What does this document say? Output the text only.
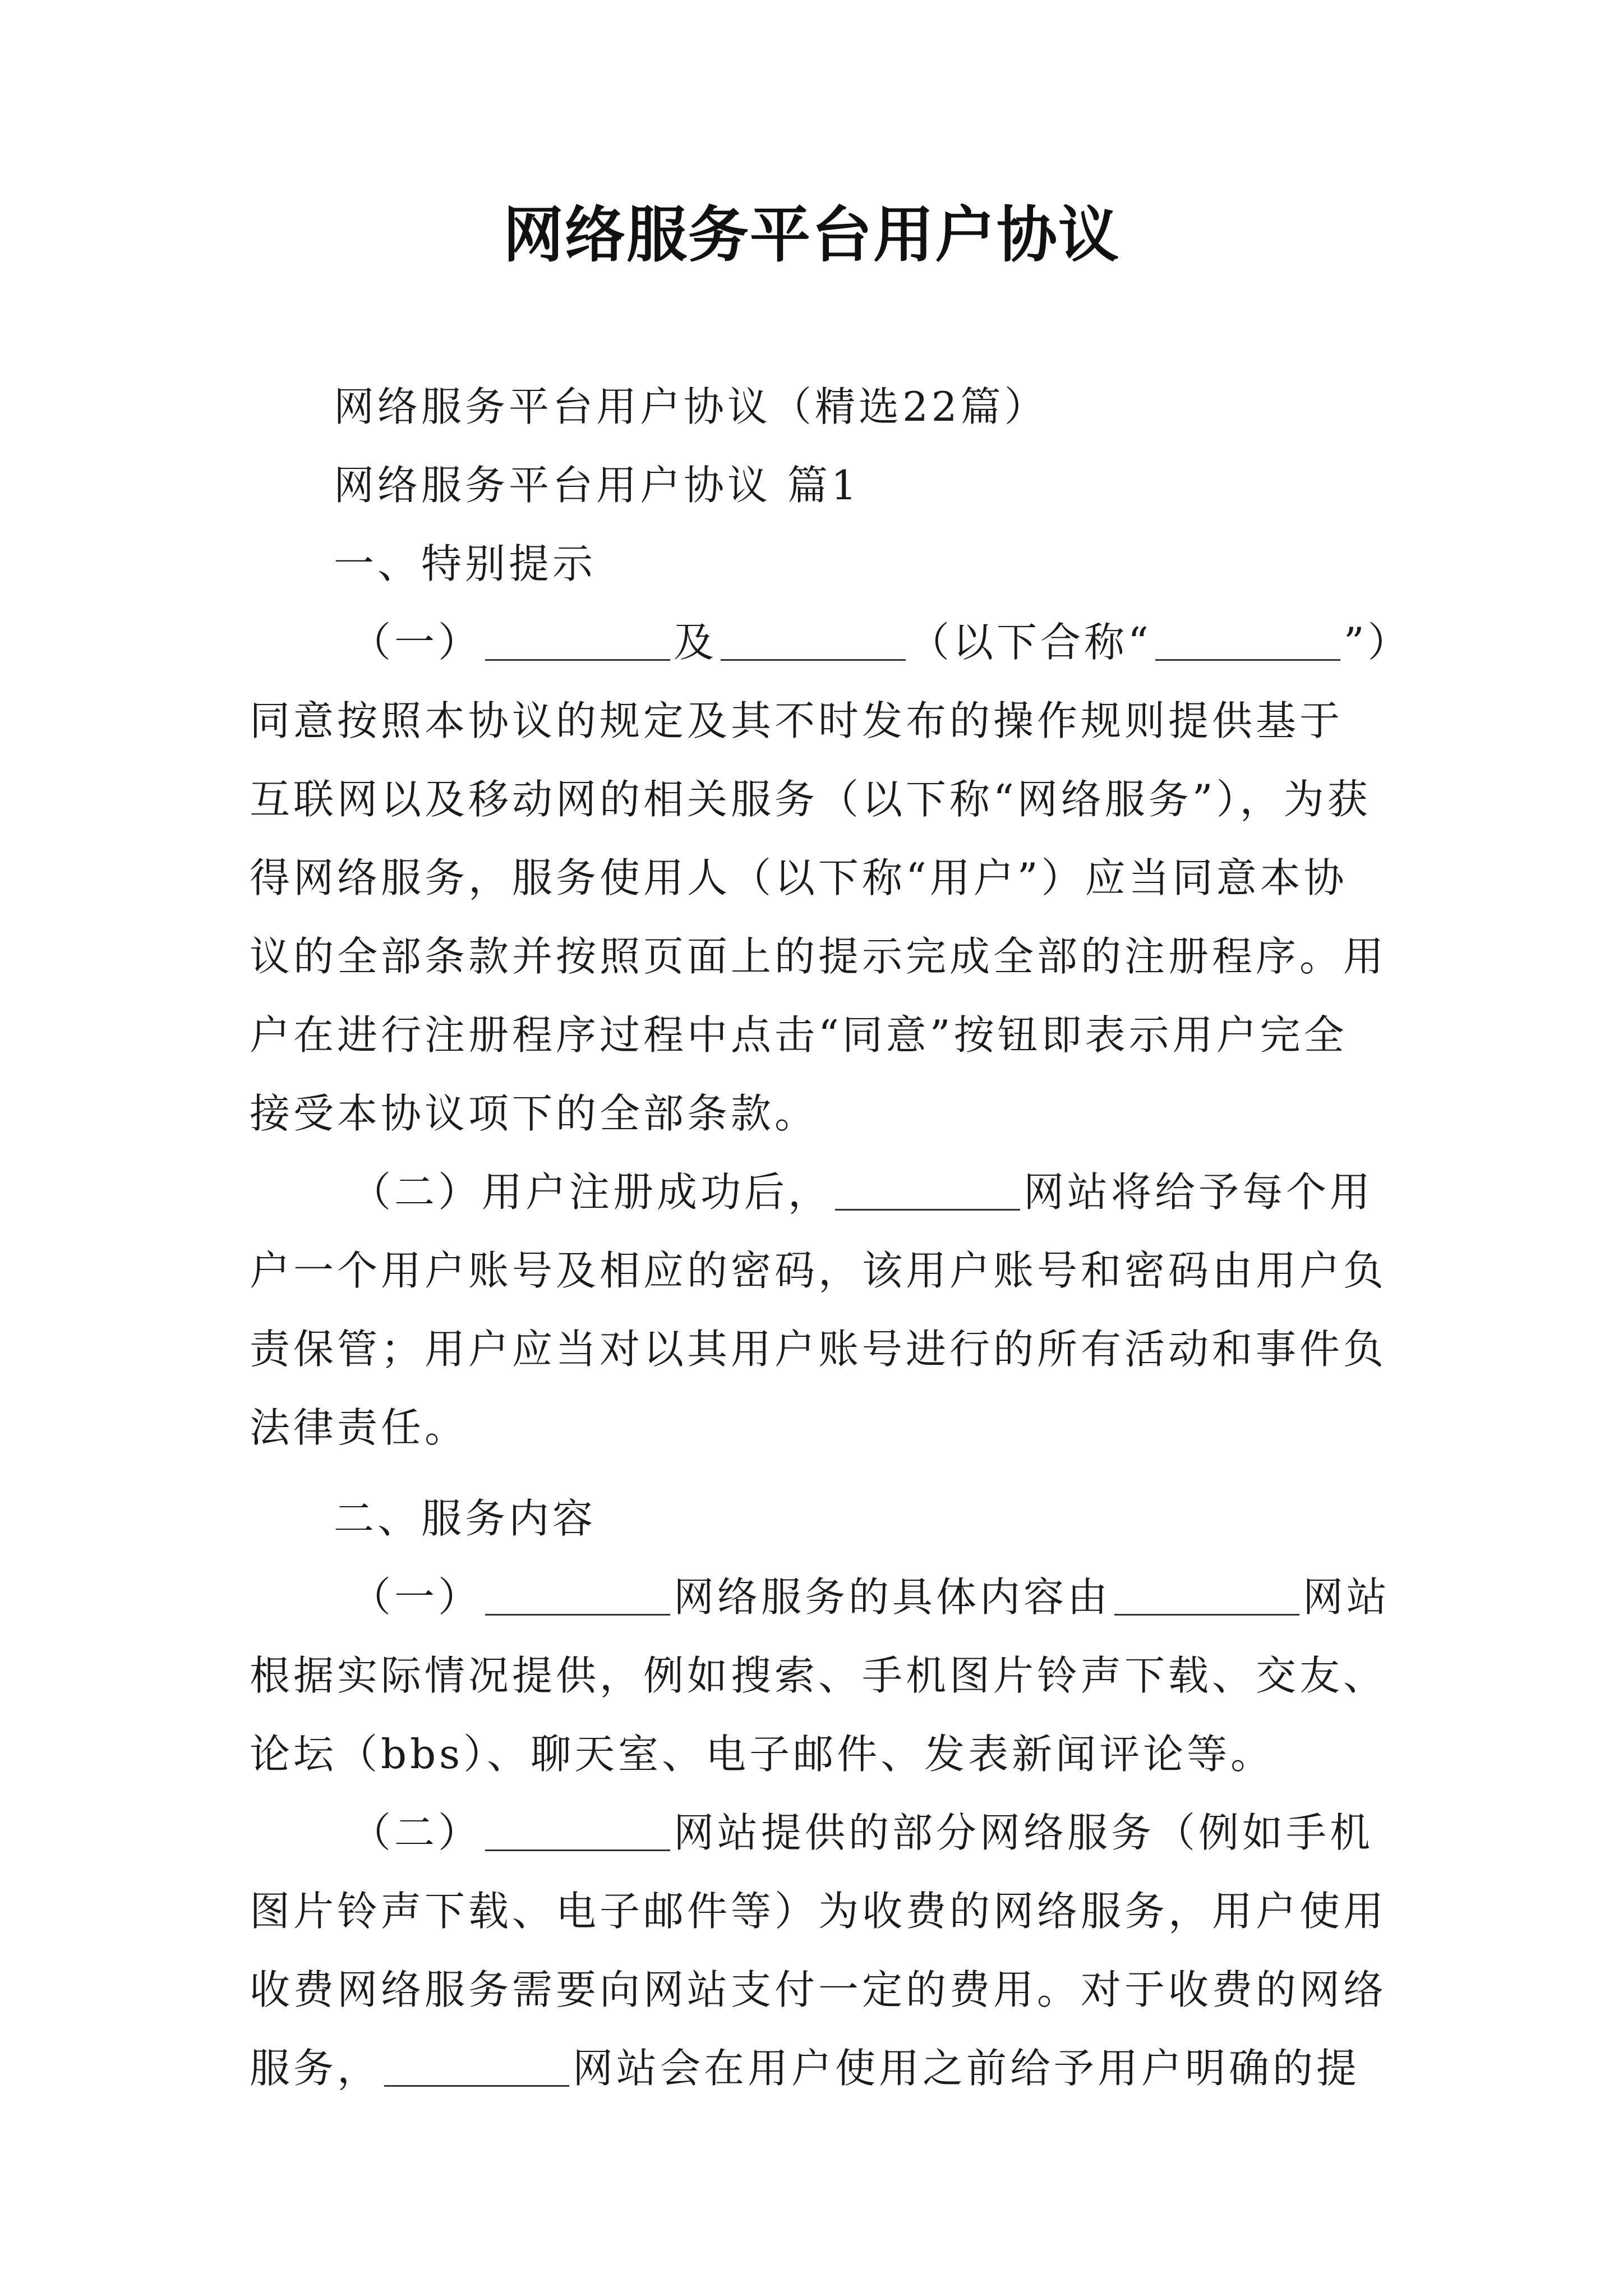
网络服务平台用户协议

网络服务平台用户协议（精选22篇）

网络服务平台用户协议 篇1

一、特别提示

（一）	及	（以下合称“	”）

同意按照本协议的规定及其不时发布的操作规则提供基于

互联网以及移动网的相关服务（以下称“网络服务”），为获

得网络服务，服务使用人（以下称“用户”）应当同意本协

议的全部条款并按照页面上的提示完成全部的注册程序。用

户在进行注册程序过程中点击“同意”按钮即表示用户完全

接受本协议项下的全部条款。

（二）用户注册成功后，	网站将给予每个用

户一个用户账号及相应的密码，该用户账号和密码由用户负

责保管；用户应当对以其用户账号进行的所有活动和事件负

法律责任。

二、服务内容

（一）	网络服务的具体内容由	网站

根据实际情况提供，例如搜索、手机图片铃声下载、交友、

论坛（bbs）、聊天室、电子邮件、发表新闻评论等。

（二）	网站提供的部分网络服务（例如手机

图片铃声下载、电子邮件等）为收费的网络服务，用户使用

收费网络服务需要向网站支付一定的费用。对于收费的网络

服务，	网站会在用户使用之前给予用户明确的提
